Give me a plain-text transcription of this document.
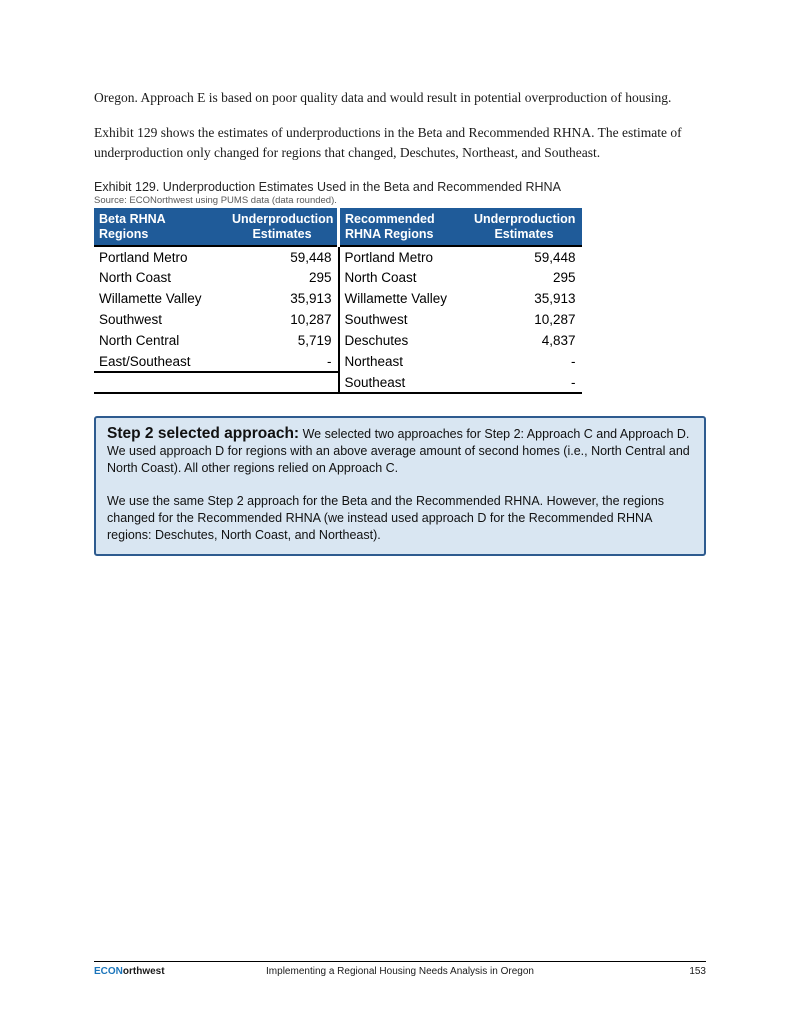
Oregon. Approach E is based on poor quality data and would result in potential overproduction of housing.

Exhibit 129 shows the estimates of underproductions in the Beta and Recommended RHNA. The estimate of underproduction only changed for regions that changed, Deschutes, Northeast, and Southeast.

Exhibit 129. Underproduction Estimates Used in the Beta and Recommended RHNA
Source: ECONorthwest using PUMS data (data rounded).
Beta RHNA Regions	Underproduction Estimates	Recommended RHNA Regions	Underproduction Estimates
Portland Metro	59,448	Portland Metro	59,448
North Coast	295	North Coast	295
Willamette Valley	35,913	Willamette Valley	35,913
Southwest	10,287	Southwest	10,287
North Central	5,719	Deschutes	4,837
East/Southeast	-	Northeast	-
		Southeast	-

Step 2 selected approach: We selected two approaches for Step 2: Approach C and Approach D. We used approach D for regions with an above average amount of second homes (i.e., North Central and North Coast). All other regions relied on Approach C.

We use the same Step 2 approach for the Beta and the Recommended RHNA. However, the regions changed for the Recommended RHNA (we instead used approach D for the Recommended RHNA regions: Deschutes, North Coast, and Northeast).

ECONorthwest	Implementing a Regional Housing Needs Analysis in Oregon	153
